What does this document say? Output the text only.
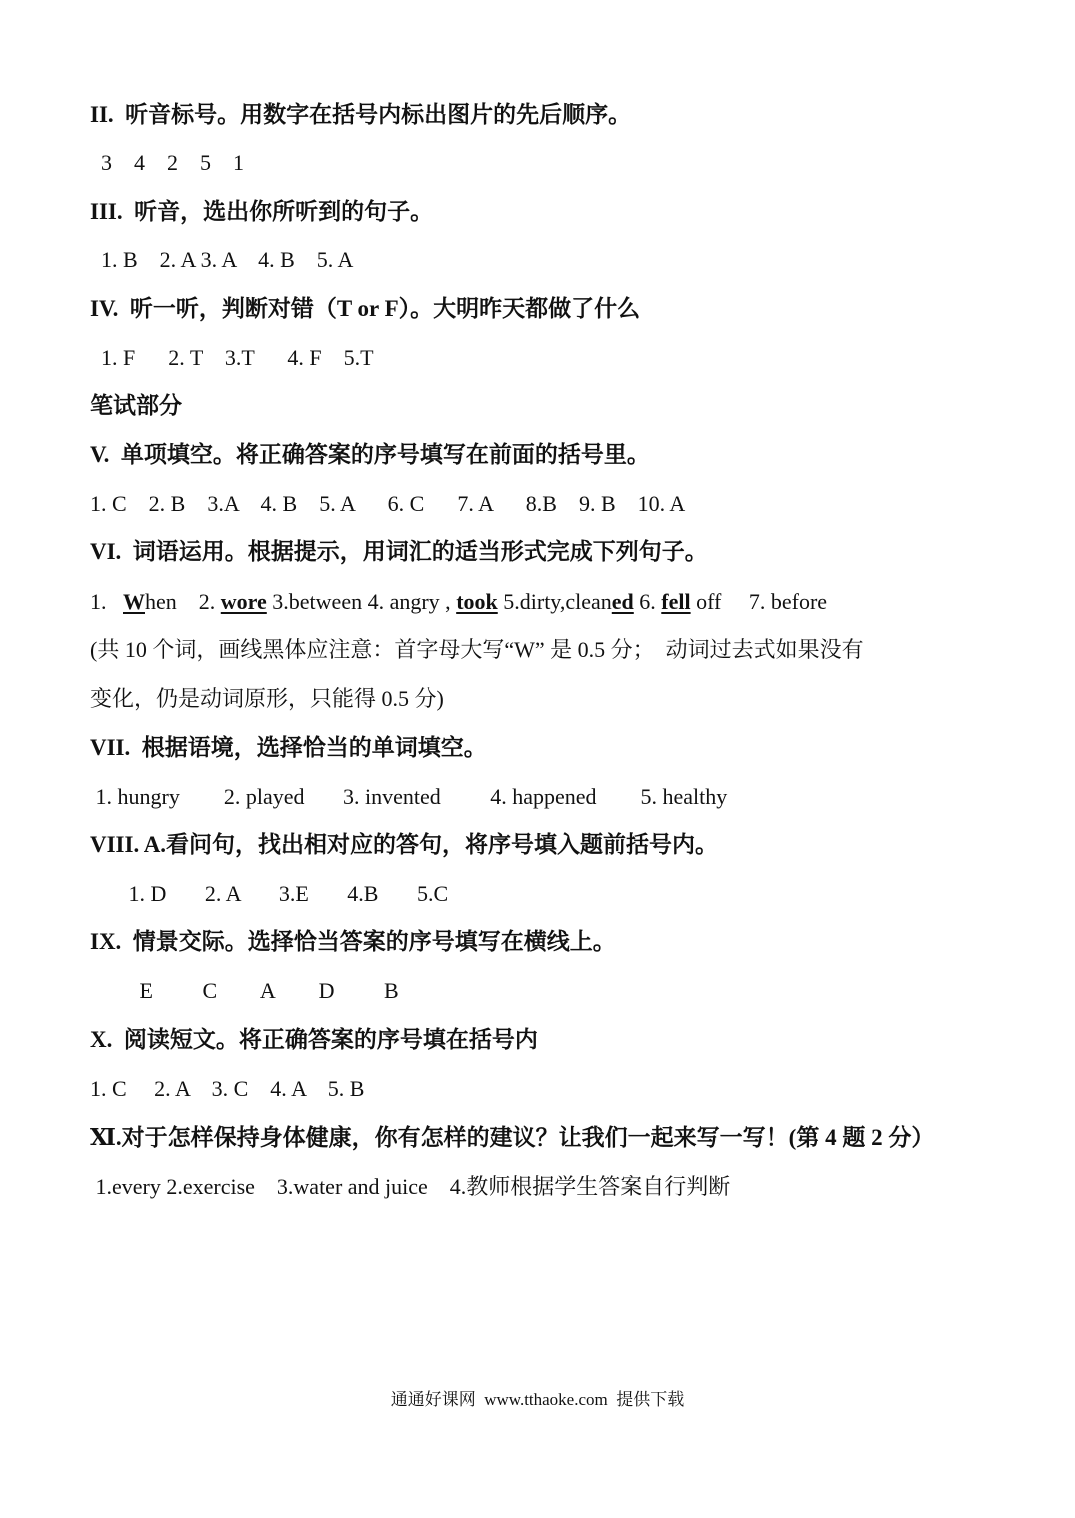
II.  听音标号。用数字在括号内标出图片的先后顺序。
3    4    2    5    1
III.  听音，选出你所听到的句子。
1. B    2. A 3. A    4. B    5. A
IV.  听一听，判断对错（T or F）。大明昨天都做了什么
1. F      2. T    3.T      4. F    5.T
笔试部分
V.  单项填空。将正确答案的序号填写在前面的括号里。
1. C    2. B    3.A    4. B    5. A      6. C      7. A      8.B    9. B    10. A
VI.  词语运用。根据提示，用词汇的适当形式完成下列句子。
1.   When    2. wore 3.between 4. angry , took 5.dirty,cleaned 6. fell off     7. before
(共 10 个词，画线黑体应注意：首字母大写“W” 是 0.5 分；  动词过去式如果没有
变化，仍是动词原形，只能得 0.5 分)
VII.  根据语境，选择恰当的单词填空。
1. hungry        2. played       3. invented         4. happened        5. healthy
VIII. A.看问句，找出相对应的答句，将序号填入题前括号内。
1. D       2. A       3.E       4.B       5.C
IX.  情景交际。选择恰当答案的序号填写在横线上。
E         C        A        D         B
X.  阅读短文。将正确答案的序号填在括号内
1. C     2. A    3. C    4. A    5. B
Ⅺ.对于怎样保持身体健康，你有怎样的建议？让我们一起来写一写！(第 4 题 2 分）
1.every 2.exercise    3.water and juice    4.教师根据学生答案自行判断
通通好课网  www.tthaoke.com  提供下载
